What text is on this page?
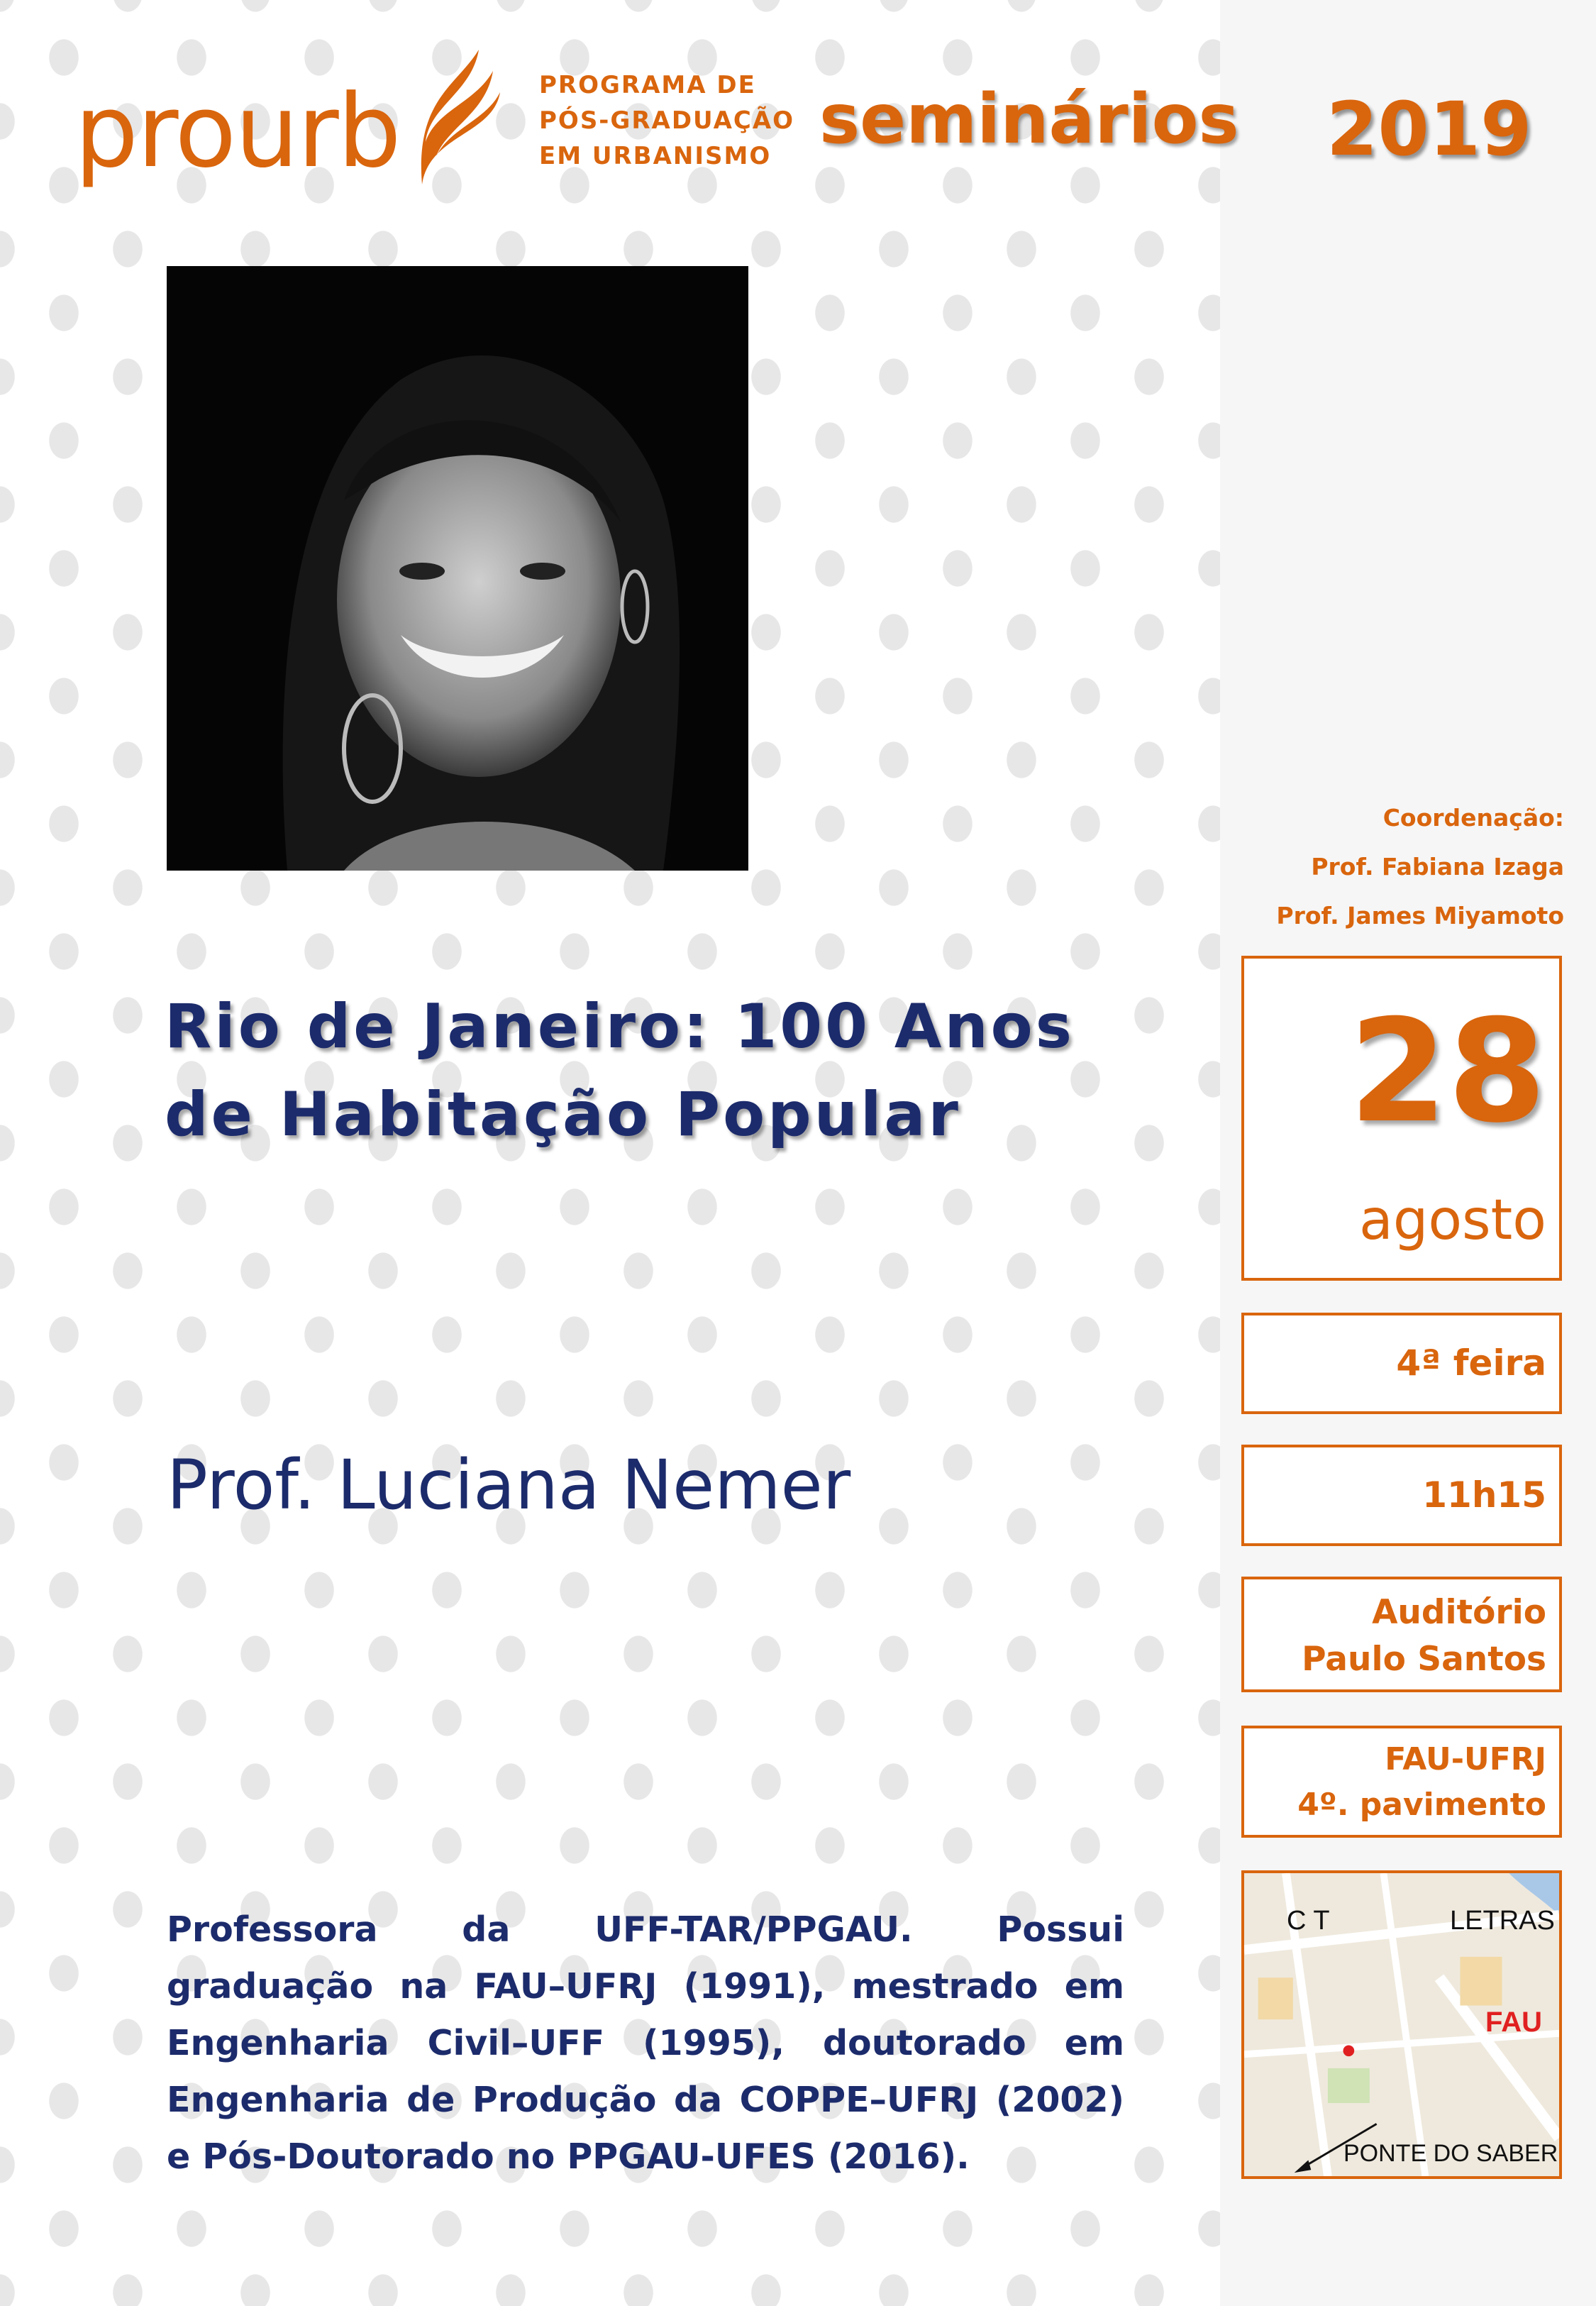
prourb	PROGRAMA DE
PÓS-GRADUAÇÃO
EM URBANISMO seminários 2019
Rio de Janeiro: 100 Anos
de Habitação Popular
Prof. Luciana Nemer
Professora da UFF-TAR/PPGAU. Possui graduação na FAU–UFRJ (1991), mestrado em Engenharia Civil–UFF (1995), doutorado em Engenharia de Produção da COPPE–UFRJ (2002) e Pós-Doutorado no PPGAU-UFES (2016).
Coordenação:
Prof. Fabiana Izaga
Prof. James Miyamoto
28
agosto
4ª feira
11h15
Auditório
Paulo Santos
FAU-UFRJ
4º. pavimento
C T	LETRAS
FAU
PONTE DO SABER
